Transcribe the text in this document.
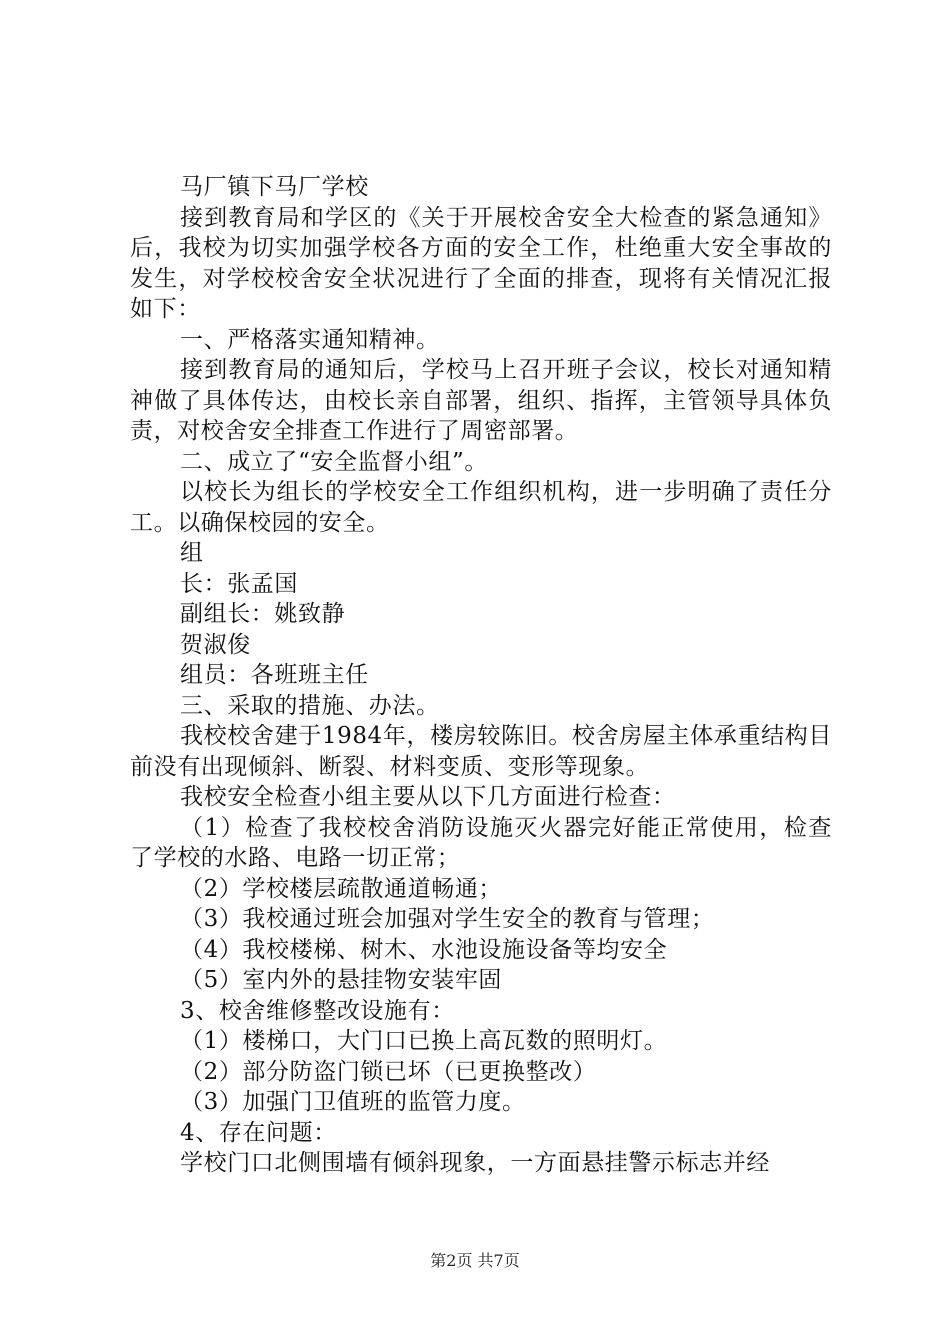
马厂镇下马厂学校

接到教育局和学区的《关于开展校舍安全大检查的紧急通知》后，我校为切实加强学校各方面的安全工作，杜绝重大安全事故的发生，对学校校舍安全状况进行了全面的排查，现将有关情况汇报如下：

一、严格落实通知精神。

接到教育局的通知后，学校马上召开班子会议，校长对通知精神做了具体传达，由校长亲自部署，组织、指挥，主管领导具体负责，对校舍安全排查工作进行了周密部署。

二、成立了“安全监督小组”。

以校长为组长的学校安全工作组织机构，进一步明确了责任分工。以确保校园的安全。

组

长：张孟国

副组长：姚致静

贺淑俊

组员：各班班主任

三、采取的措施、办法。

我校校舍建于1984年，楼房较陈旧。校舍房屋主体承重结构目前没有出现倾斜、断裂、材料变质、变形等现象。

我校安全检查小组主要从以下几方面进行检查：

（1）检查了我校校舍消防设施灭火器完好能正常使用，检查了学校的水路、电路一切正常；

（2）学校楼层疏散通道畅通；

（3）我校通过班会加强对学生安全的教育与管理；

（4）我校楼梯、树木、水池设施设备等均安全

（5）室内外的悬挂物安装牢固

3、校舍维修整改设施有：

（1）楼梯口，大门口已换上高瓦数的照明灯。

（2）部分防盗门锁已坏（已更换整改）

（3）加强门卫值班的监管力度。

4、存在问题：

学校门口北侧围墙有倾斜现象，一方面悬挂警示标志并经

第2页 共7页
